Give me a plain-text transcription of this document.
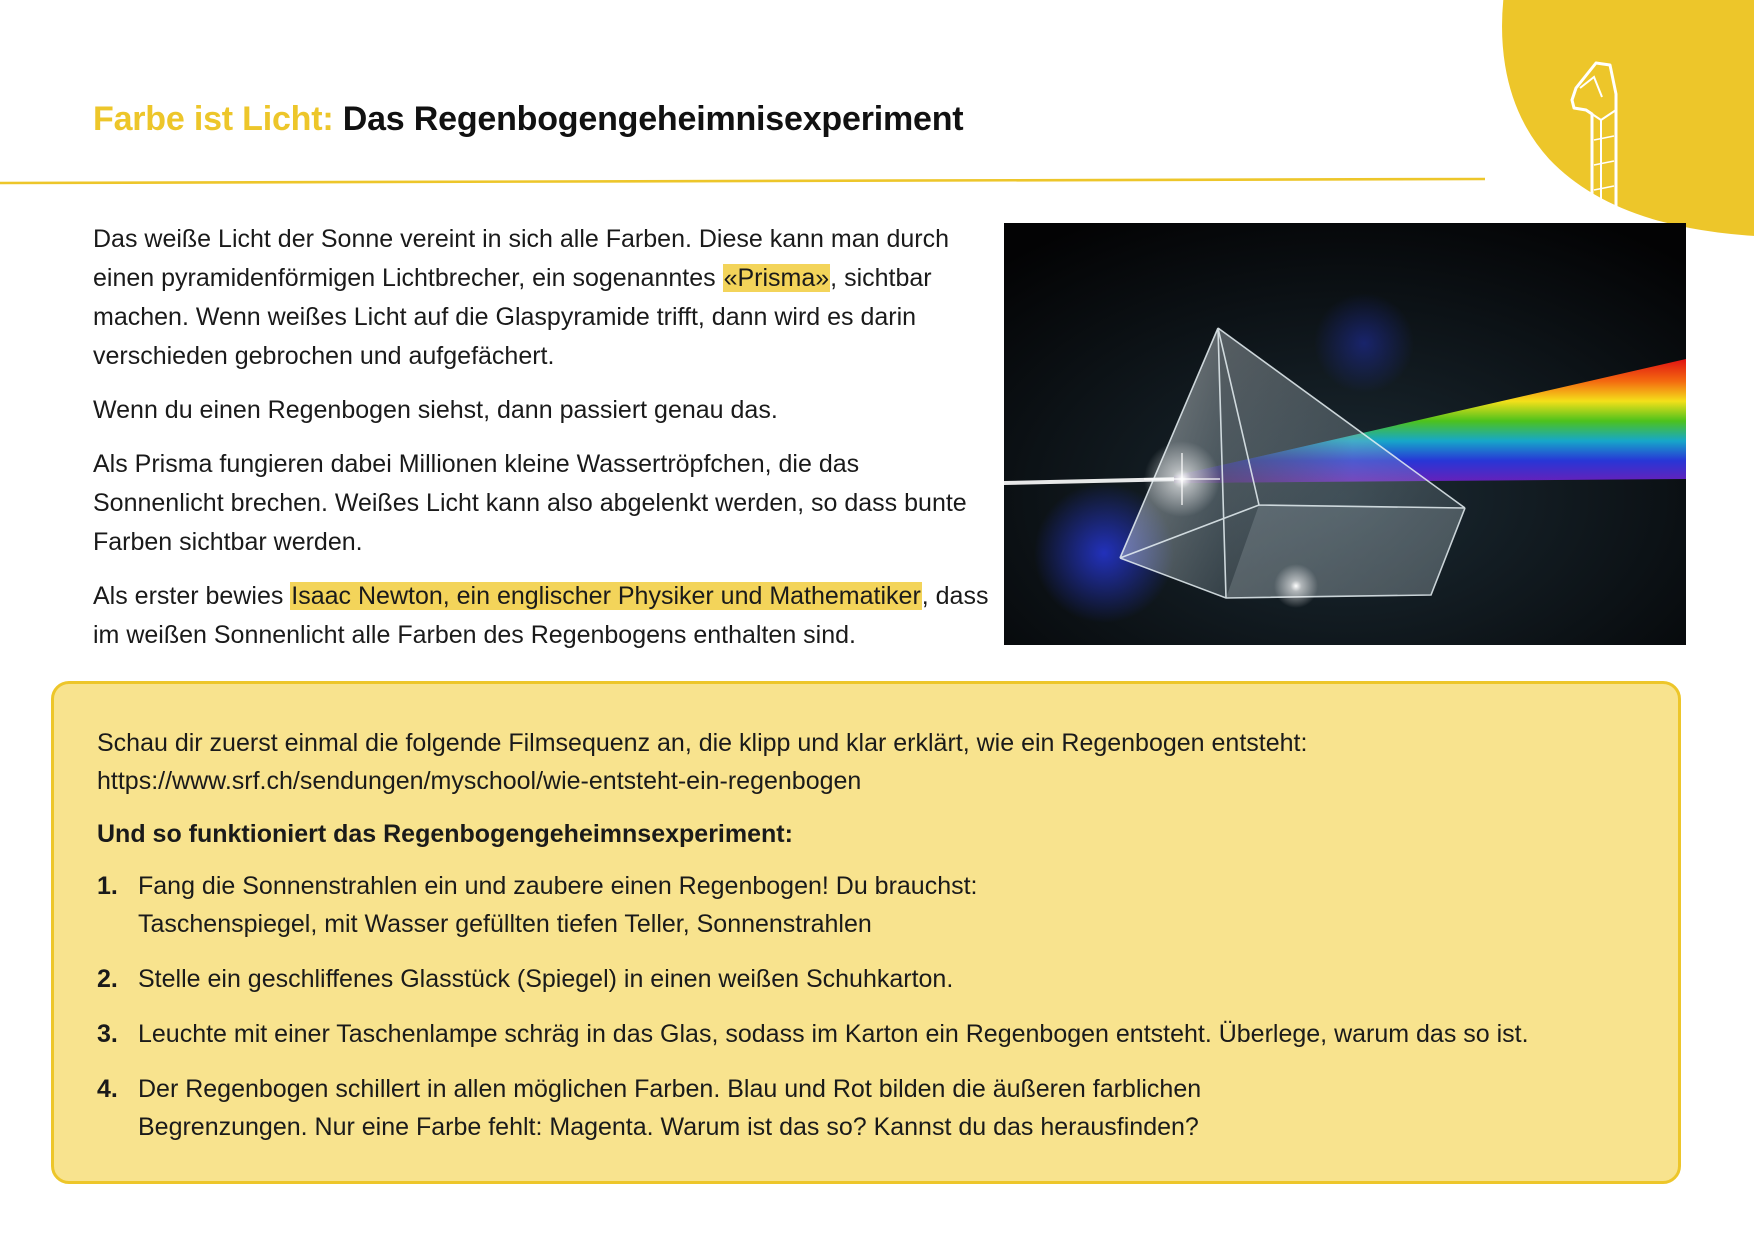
1
Farbe ist Licht: Das Regenbogengeheimnisexperiment

Das weiße Licht der Sonne vereint in sich alle Farben. Diese kann man durch einen pyramidenförmigen Lichtbrecher, ein sogenanntes «Prisma», sichtbar machen. Wenn weißes Licht auf die Glaspyramide trifft, dann wird es darin verschieden gebrochen und aufgefächert.

Wenn du einen Regenbogen siehst, dann passiert genau das.

Als Prisma fungieren dabei Millionen kleine Wassertröpfchen, die das Sonnenlicht brechen. Weißes Licht kann also abgelenkt werden, so dass bunte Farben sichtbar werden.

Als erster bewies Isaac Newton, ein englischer Physiker und Mathematiker, dass im weißen Sonnenlicht alle Farben des Regenbogens enthalten sind.

Schau dir zuerst einmal die folgende Filmsequenz an, die klipp und klar erklärt, wie ein Regenbogen entsteht:

https://www.srf.ch/sendungen/myschool/wie-entsteht-ein-regenbogen

Und so funktioniert das Regenbogengeheimnsexperiment:

1. Fang die Sonnenstrahlen ein und zaubere einen Regenbogen! Du brauchst:
Taschenspiegel, mit Wasser gefüllten tiefen Teller, Sonnenstrahlen
2. Stelle ein geschliffenes Glasstück (Spiegel) in einen weißen Schuhkarton.
3. Leuchte mit einer Taschenlampe schräg in das Glas, sodass im Karton ein Regenbogen entsteht. Überlege, warum das so ist.
4. Der Regenbogen schillert in allen möglichen Farben. Blau und Rot bilden die äußeren farblichen
Begrenzungen. Nur eine Farbe fehlt: Magenta. Warum ist das so? Kannst du das herausfinden?
